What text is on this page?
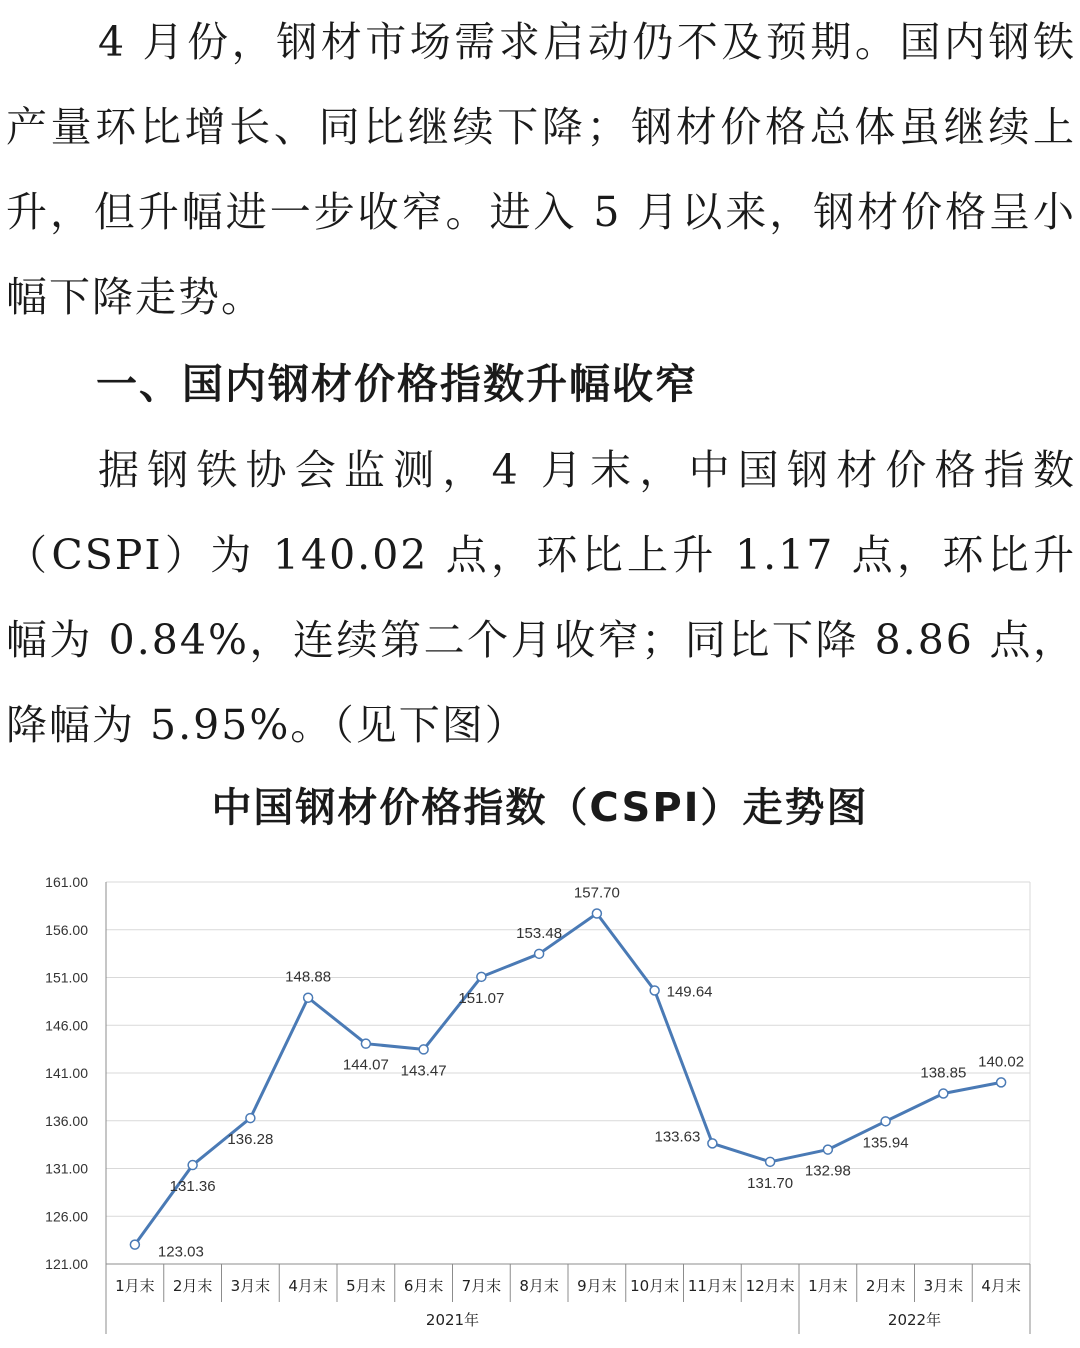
4 月份，钢材市场需求启动仍不及预期。国内钢铁产量环比增长、同比继续下降；钢材价格总体虽继续上升，但升幅进一步收窄。进入 5 月以来，钢材价格呈小幅下降走势。

一、国内钢材价格指数升幅收窄

据钢铁协会监测，4 月末，中国钢材价格指数（CSPI）为 140.02 点，环比上升 1.17 点，环比升幅为 0.84%，连续第二个月收窄；同比下降 8.86 点，降幅为 5.95%。（见下图）

中国钢材价格指数（CSPI）走势图
121.00
126.00
131.00
136.00
141.00
146.00
151.00
156.00
161.00
1月末 2月末 3月末 4月末 5月末 6月末 7月末 8月末 9月末 10月末 11月末 12月末 1月末 2月末 3月末 4月末
2021年	2022年
123.03
131.36
136.28
148.88
144.07 143.47
151.07
153.48
157.70
149.64
133.63
131.70
132.98
135.94
138.85
140.02
